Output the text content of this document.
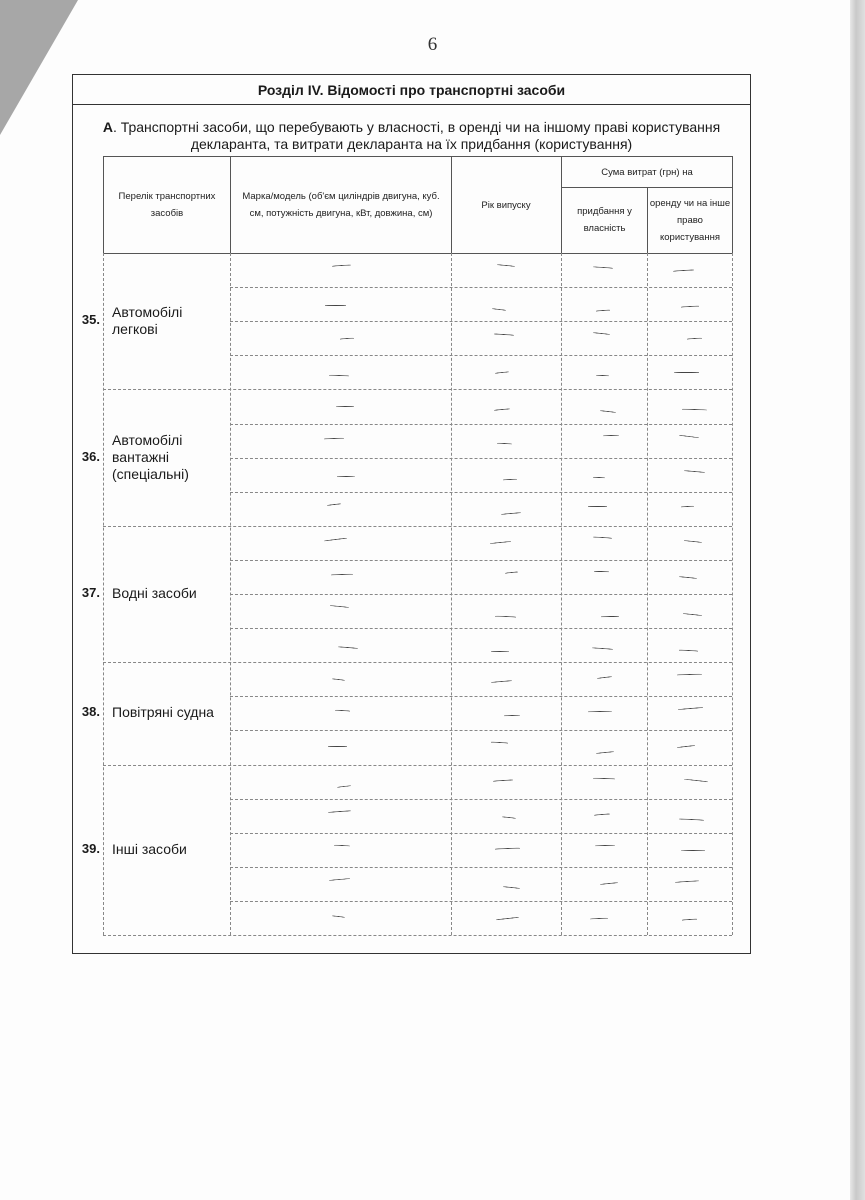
6
Розділ IV. Відомості про транспортні засоби
А. Транспортні засоби, що перебувають у власності, в оренді чи на іншому праві користування
декларанта, та витрати декларанта на їх придбання (користування)
Перелік транспортних засобів
Марка/модель (об'єм циліндрів двигуна, куб. см, потужність двигуна, кВт, довжина, см)
Рік випуску
Сума витрат (грн) на
придбання у власність
оренду чи на інше право користування
35. Автомобілі легкові
36.
Автомобілі вантажні (спеціальні)
37. Водні засоби
38. Повітряні судна
39. Інші засоби
